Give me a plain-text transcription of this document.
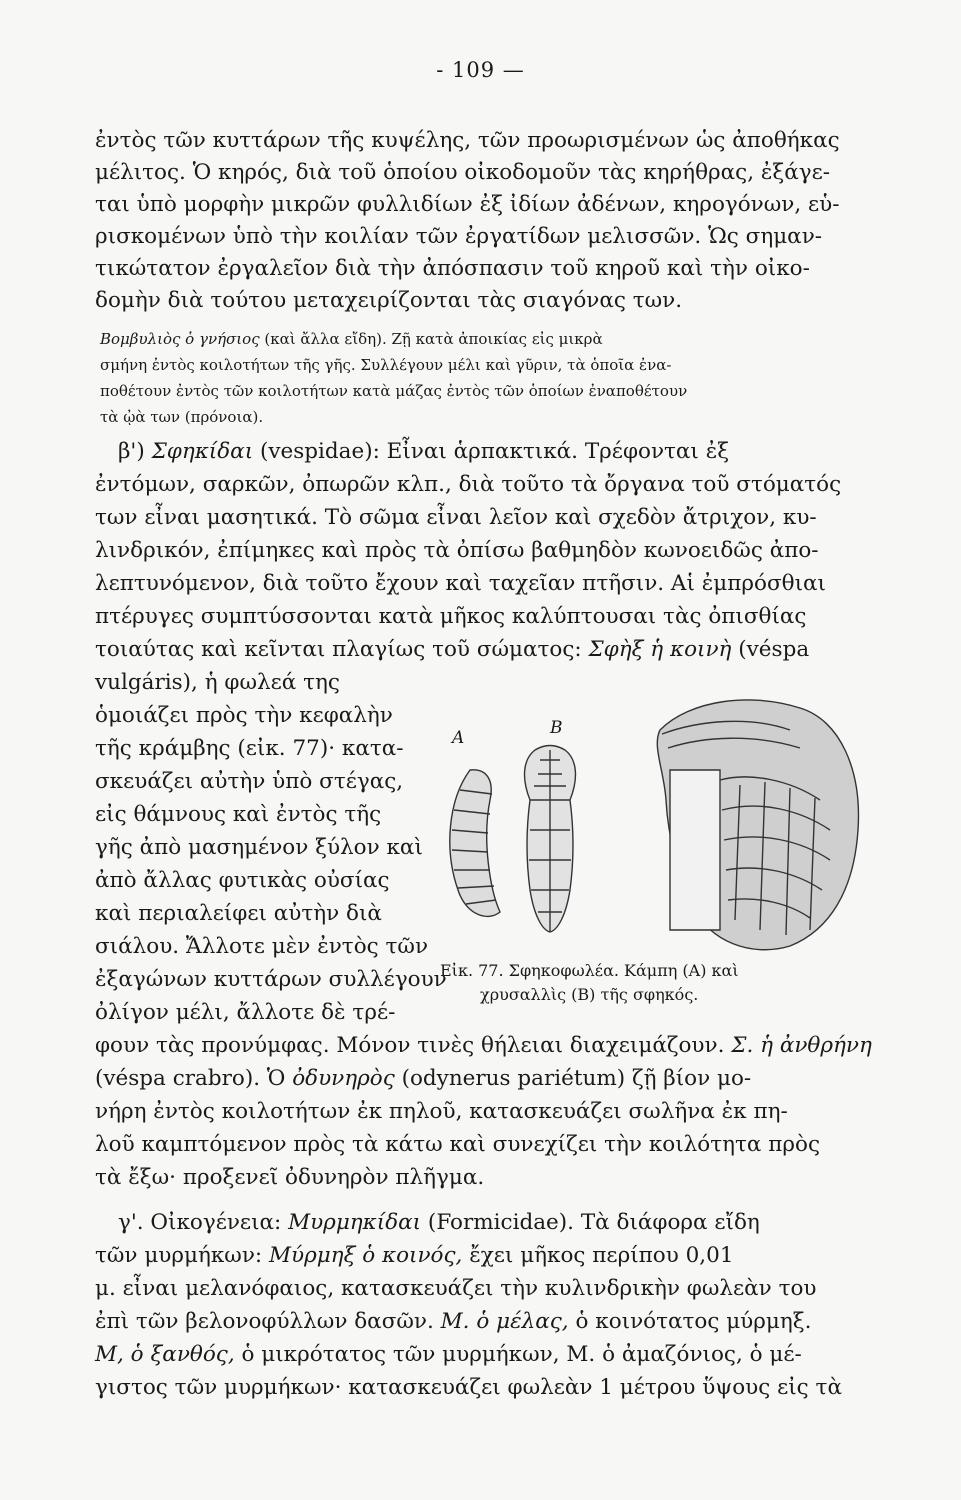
- 109 —
ἐντὸς τῶν κυττάρων τῆς κυψέλης, τῶν προωρισμένων ὡς ἀποθήκας
μέλιτος. Ὁ κηρός, διὰ τοῦ ὁποίου οἰκοδομοῦν τὰς κηρήθρας, ἐξάγε-
ται ὑπὸ μορφὴν μικρῶν φυλλιδίων ἐξ ἰδίων ἀδένων, κηρογόνων, εὑ-
ρισκομένων ὑπὸ τὴν κοιλίαν τῶν ἐργατίδων μελισσῶν. Ὡς σημαν-
τικώτατον ἐργαλεῖον διὰ τὴν ἀπόσπασιν τοῦ κηροῦ καὶ τὴν οἰκο-
δομὴν διὰ τούτου μεταχειρίζονται τὰς σιαγόνας των.
Βομβυλιὸς ὁ γνήσιος (καὶ ἄλλα εἴδη). Ζῇ κατὰ ἀποικίας εἰς μικρὰ
σμήνη ἐντὸς κοιλοτήτων τῆς γῆς. Συλλέγουν μέλι καὶ γῦριν, τὰ ὁποῖα ἐνα-
ποθέτουν ἐντὸς τῶν κοιλοτήτων κατὰ μάζας ἐντὸς τῶν ὁποίων ἐναποθέτουν
τὰ ᾠὰ των (πρόνοια).
β') Σφηκίδαι (vespidae): Εἶναι ἁρπακτικά. Τρέφονται ἐξ
ἐντόμων, σαρκῶν, ὀπωρῶν κλπ., διὰ τοῦτο τὰ ὄργανα τοῦ στόματός
των εἶναι μασητικά. Τὸ σῶμα εἶναι λεῖον καὶ σχεδὸν ἄτριχον, κυ-
λινδρικόν, ἐπίμηκες καὶ πρὸς τὰ ὀπίσω βαθμηδὸν κωνοειδῶς ἀπο-
λεπτυνόμενον, διὰ τοῦτο ἔχουν καὶ ταχεῖαν πτῆσιν. Αἱ ἐμπρόσθιαι
πτέρυγες συμπτύσσονται κατὰ μῆκος καλύπτουσαι τὰς ὀπισθίας
τοιαύτας καὶ κεῖνται πλαγίως τοῦ σώματος: Σφὴξ ἡ κοινὴ (véspa
vulgáris), ἡ φωλεά της
ὁμοιάζει πρὸς τὴν κεφαλὴν
τῆς κράμβης (εἰκ. 77)· κατα-
σκευάζει αὐτὴν ὑπὸ στέγας,
εἰς θάμνους καὶ ἐντὸς τῆς
γῆς ἀπὸ μασημένον ξύλον καὶ
ἀπὸ ἄλλας φυτικὰς οὐσίας
καὶ περιαλείφει αὐτὴν διὰ
σιάλου. Ἄλλοτε μὲν ἐντὸς τῶν
ἐξαγώνων κυττάρων συλλέγουν
ὀλίγον μέλι, ἄλλοτε δὲ τρέ-
A	B
Εἰκ. 77. Σφηκοφωλέα. Κάμπη (Α) καὶ
χρυσαλλὶς (Β) τῆς σφηκός.
φουν τὰς προνύμφας. Μόνον τινὲς θήλειαι διαχειμάζουν. Σ. ἡ ἀνθρήνη
(véspa crabro). Ὁ ὀδυνηρὸς (odynerus pariétum) ζῇ βίον μο-
νήρη ἐντὸς κοιλοτήτων ἐκ πηλοῦ, κατασκευάζει σωλῆνα ἐκ πη-
λοῦ καμπτόμενον πρὸς τὰ κάτω καὶ συνεχίζει τὴν κοιλότητα πρὸς
τὰ ἔξω· προξενεῖ ὀδυνηρὸν πλῆγμα.
γ'. Οἰκογένεια: Μυρμηκίδαι (Formicidae). Τὰ διάφορα εἴδη
τῶν μυρμήκων: Μύρμηξ ὁ κοινός, ἔχει μῆκος περίπου 0,01
μ. εἶναι μελανόφαιος, κατασκευάζει τὴν κυλινδρικὴν φωλεὰν του
ἐπὶ τῶν βελονοφύλλων δασῶν. Μ. ὁ μέλας, ὁ κοινότατος μύρμηξ.
Μ, ὁ ξανθός, ὁ μικρότατος τῶν μυρμήκων, Μ. ὁ ἀμαζόνιος, ὁ μέ-
γιστος τῶν μυρμήκων· κατασκευάζει φωλεὰν 1 μέτρου ὕψους εἰς τὰ
